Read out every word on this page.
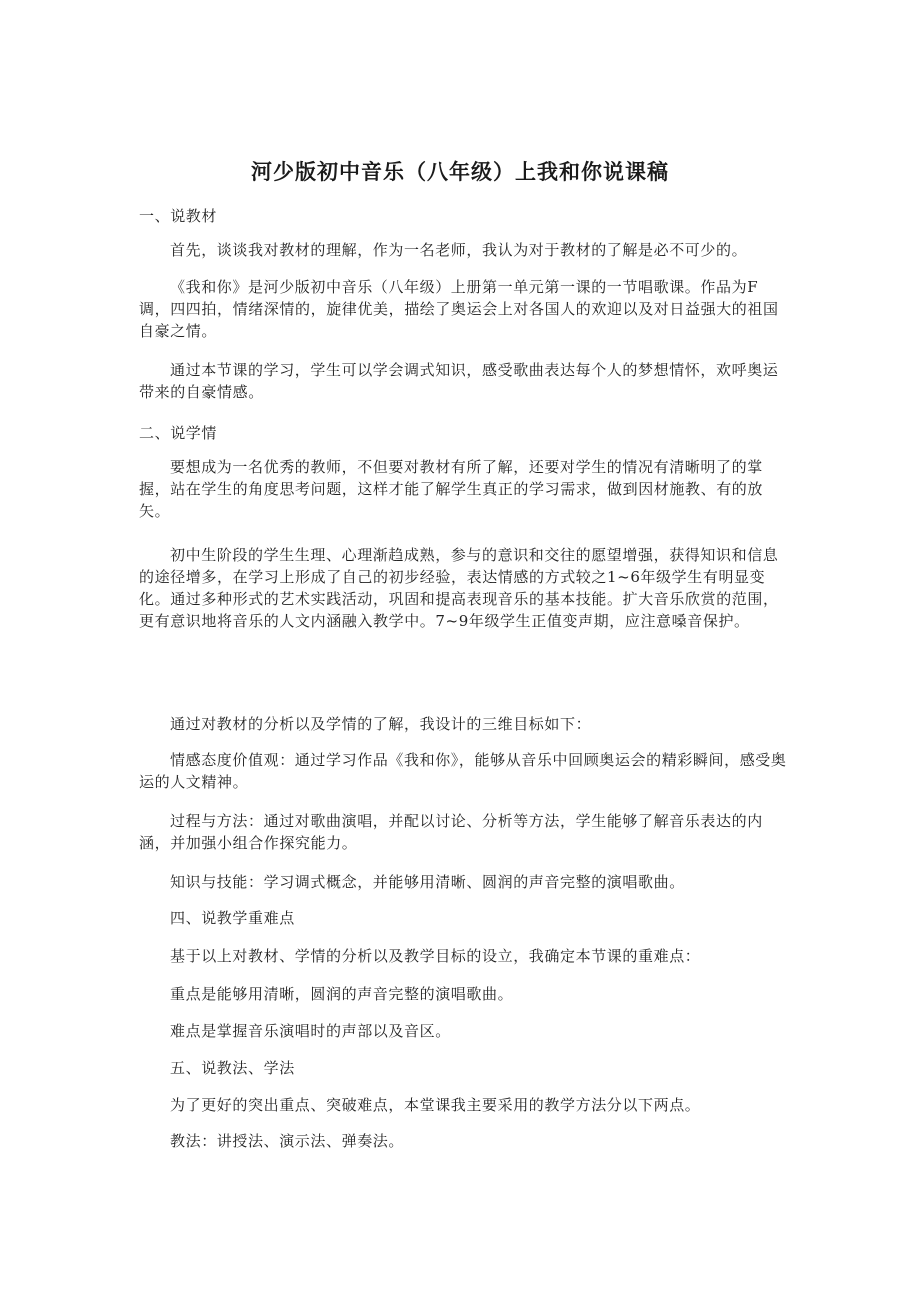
河少版初中音乐（八年级）上我和你说课稿

一、说教材

首先，谈谈我对教材的理解，作为一名老师，我认为对于教材的了解是必不可少的。

《我和你》是河少版初中音乐（八年级）上册第一单元第一课的一节唱歌课。作品为F调，四四拍，情绪深情的，旋律优美，描绘了奥运会上对各国人的欢迎以及对日益强大的祖国自豪之情。

通过本节课的学习，学生可以学会调式知识，感受歌曲表达每个人的梦想情怀，欢呼奥运带来的自豪情感。

二、说学情

要想成为一名优秀的教师，不但要对教材有所了解，还要对学生的情况有清晰明了的掌握，站在学生的角度思考问题，这样才能了解学生真正的学习需求，做到因材施教、有的放矢。

初中生阶段的学生生理、心理渐趋成熟，参与的意识和交往的愿望增强，获得知识和信息的途径增多，在学习上形成了自己的初步经验，表达情感的方式较之1~6年级学生有明显变化。通过多种形式的艺术实践活动，巩固和提高表现音乐的基本技能。扩大音乐欣赏的范围，更有意识地将音乐的人文内涵融入教学中。7~9年级学生正值变声期，应注意嗓音保护。

通过对教材的分析以及学情的了解，我设计的三维目标如下：

情感态度价值观：通过学习作品《我和你》，能够从音乐中回顾奥运会的精彩瞬间，感受奥运的人文精神。

过程与方法：通过对歌曲演唱，并配以讨论、分析等方法，学生能够了解音乐表达的内涵，并加强小组合作探究能力。

知识与技能：学习调式概念，并能够用清晰、圆润的声音完整的演唱歌曲。

四、说教学重难点

基于以上对教材、学情的分析以及教学目标的设立，我确定本节课的重难点：

重点是能够用清晰，圆润的声音完整的演唱歌曲。

难点是掌握音乐演唱时的声部以及音区。

五、说教法、学法

为了更好的突出重点、突破难点，本堂课我主要采用的教学方法分以下两点。

教法：讲授法、演示法、弹奏法。
